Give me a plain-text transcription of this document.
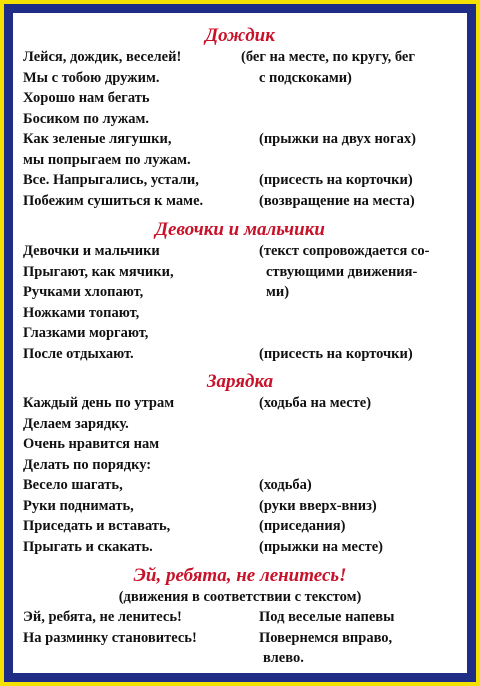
Дождик
Лейся, дождик, веселей!	(бег на месте, по кругу, бег
Мы с тобою дружим.	с подскоками)
Хорошо нам бегать
Босиком по лужам.
Как зеленые лягушки,	(прыжки на двух ногах)
мы попрыгаем по лужам.
Все. Напрыгались, устали,	(присесть на корточки)
Побежим сушиться к маме.	(возвращение на места)
Девочки и мальчики
Девочки и мальчики	(текст сопровождается со-
Прыгают, как мячики,	ствующими движения-
Ручками хлопают,	ми)
Ножками топают,
Глазками моргают,
После отдыхают.	(присесть на корточки)
Зарядка
Каждый день по утрам	(ходьба на месте)
Делаем зарядку.
Очень нравится нам
Делать по порядку:
Весело шагать,	(ходьба)
Руки поднимать,	(руки вверх-вниз)
Приседать и вставать,	(приседания)
Прыгать и скакать.	(прыжки на месте)
Эй, ребята, не ленитесь!
(движения в соответствии с текстом)
Эй, ребята, не ленитесь!	Под веселые напевы
На разминку становитесь!	Повернемся вправо,
влево.
